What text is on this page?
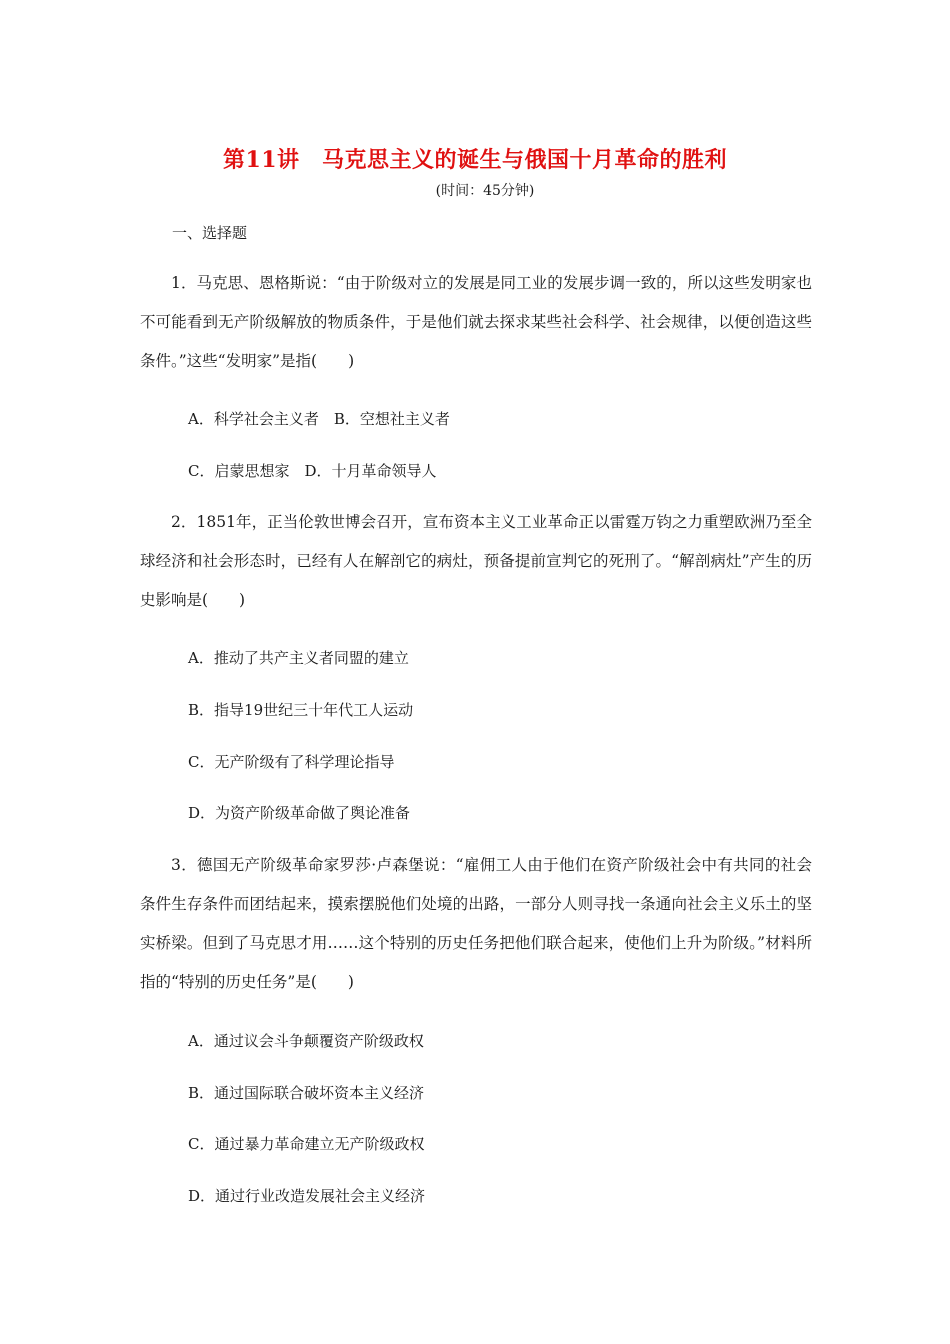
第11讲　马克思主义的诞生与俄国十月革命的胜利
(时间：45分钟)
一、选择题
1．马克思、恩格斯说：“由于阶级对立的发展是同工业的发展步调一致的，所以这些发明家也不可能看到无产阶级解放的物质条件，于是他们就去探求某些社会科学、社会规律，以便创造这些条件。”这些“发明家”是指(　　)
A．科学社会主义者　B．空想社主义者
C．启蒙思想家　D．十月革命领导人
2．1851年，正当伦敦世博会召开，宣布资本主义工业革命正以雷霆万钧之力重塑欧洲乃至全球经济和社会形态时，已经有人在解剖它的病灶，预备提前宣判它的死刑了。“解剖病灶”产生的历史影响是(　　)
A．推动了共产主义者同盟的建立
B．指导19世纪三十年代工人运动
C．无产阶级有了科学理论指导
D．为资产阶级革命做了舆论准备
3．德国无产阶级革命家罗莎·卢森堡说：“雇佣工人由于他们在资产阶级社会中有共同的社会条件生存条件而团结起来，摸索摆脱他们处境的出路，一部分人则寻找一条通向社会主义乐土的坚实桥梁。但到了马克思才用……这个特别的历史任务把他们联合起来，使他们上升为阶级。”材料所指的“特别的历史任务”是(　　)
A．通过议会斗争颠覆资产阶级政权
B．通过国际联合破坏资本主义经济
C．通过暴力革命建立无产阶级政权
D．通过行业改造发展社会主义经济
